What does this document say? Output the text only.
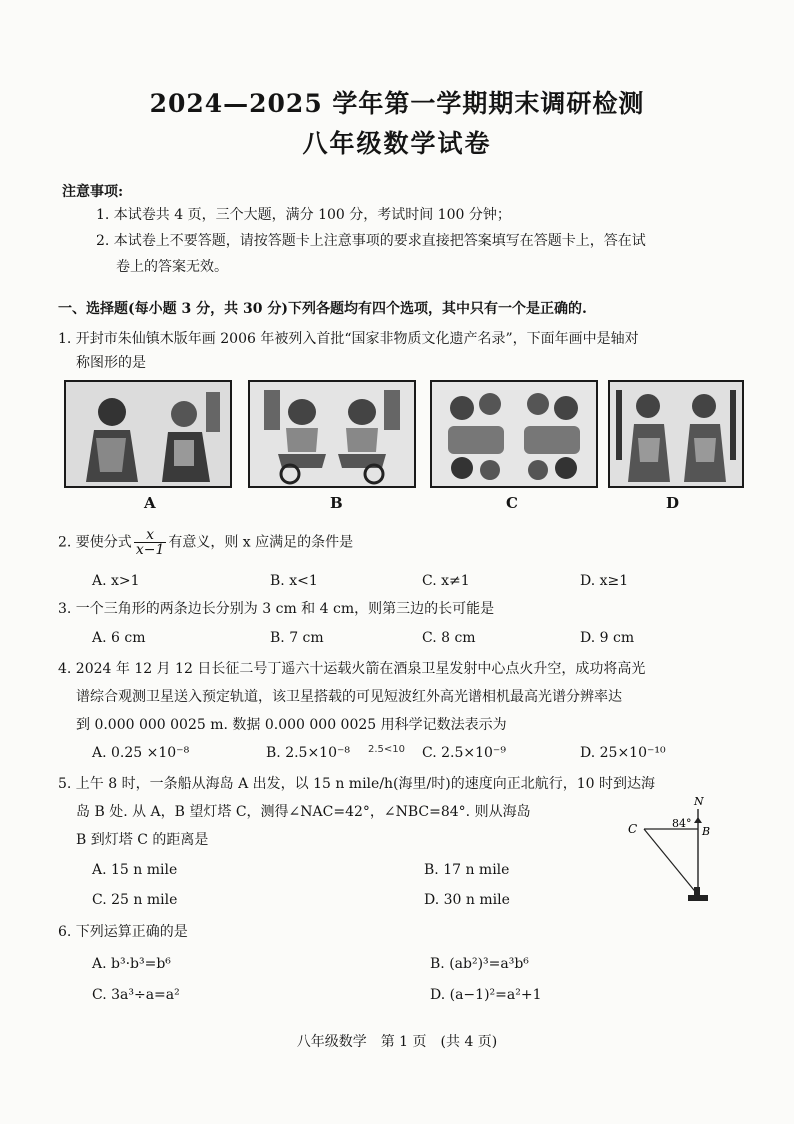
2024—2025 学年第一学期期末调研检测
八年级数学试卷
注意事项:
1. 本试卷共 4 页，三个大题，满分 100 分，考试时间 100 分钟；
2. 本试卷上不要答题，请按答题卡上注意事项的要求直接把答案填写在答题卡上，答在试
卷上的答案无效。
一、选择题(每小题 3 分，共 30 分)下列各题均有四个选项，其中只有一个是正确的.
1. 开封市朱仙镇木版年画 2006 年被列入首批“国家非物质文化遗产名录”，下面年画中是轴对
称图形的是
A	B	C	D
2. 要使分式 $\frac{x}{x-1}$ 有意义，则 x 应满足的条件是
A. x>1	B. x<1	C. x≠1	D. x≥1
3. 一个三角形的两条边长分别为 3 cm 和 4 cm，则第三边的长可能是
A. 6 cm	B. 7 cm	C. 8 cm	D. 9 cm
4. 2024 年 12 月 12 日长征二号丁遥六十运载火箭在酒泉卫星发射中心点火升空，成功将高光
谱综合观测卫星送入预定轨道，该卫星搭载的可见短波红外高光谱相机最高光谱分辨率达
到 0.000 000 0025 m. 数据 0.000 000 0025 用科学记数法表示为
A. 0.25 ×10⁻⁸	B. 2.5×10⁻⁸ 2.5<10 C. 2.5×10⁻⁹	D. 25×10⁻¹⁰
5. 上午 8 时，一条船从海岛 A 出发，以 15 n mile/h(海里/时)的速度向正北航行，10 时到达海
岛 B 处. 从 A，B 望灯塔 C，测得∠NAC=42°，∠NBC=84°. 则从海岛
B 到灯塔 C 的距离是
A. 15 n mile	B. 17 n mile
C. 25 n mile	D. 30 n mile
N
84°
B
C
6. 下列运算正确的是
A. b³·b³=b⁶	B. (ab²)³=a³b⁶
C. 3a³÷a=a²	D. (a−1)²=a²+1
八年级数学　第 1 页　(共 4 页)
